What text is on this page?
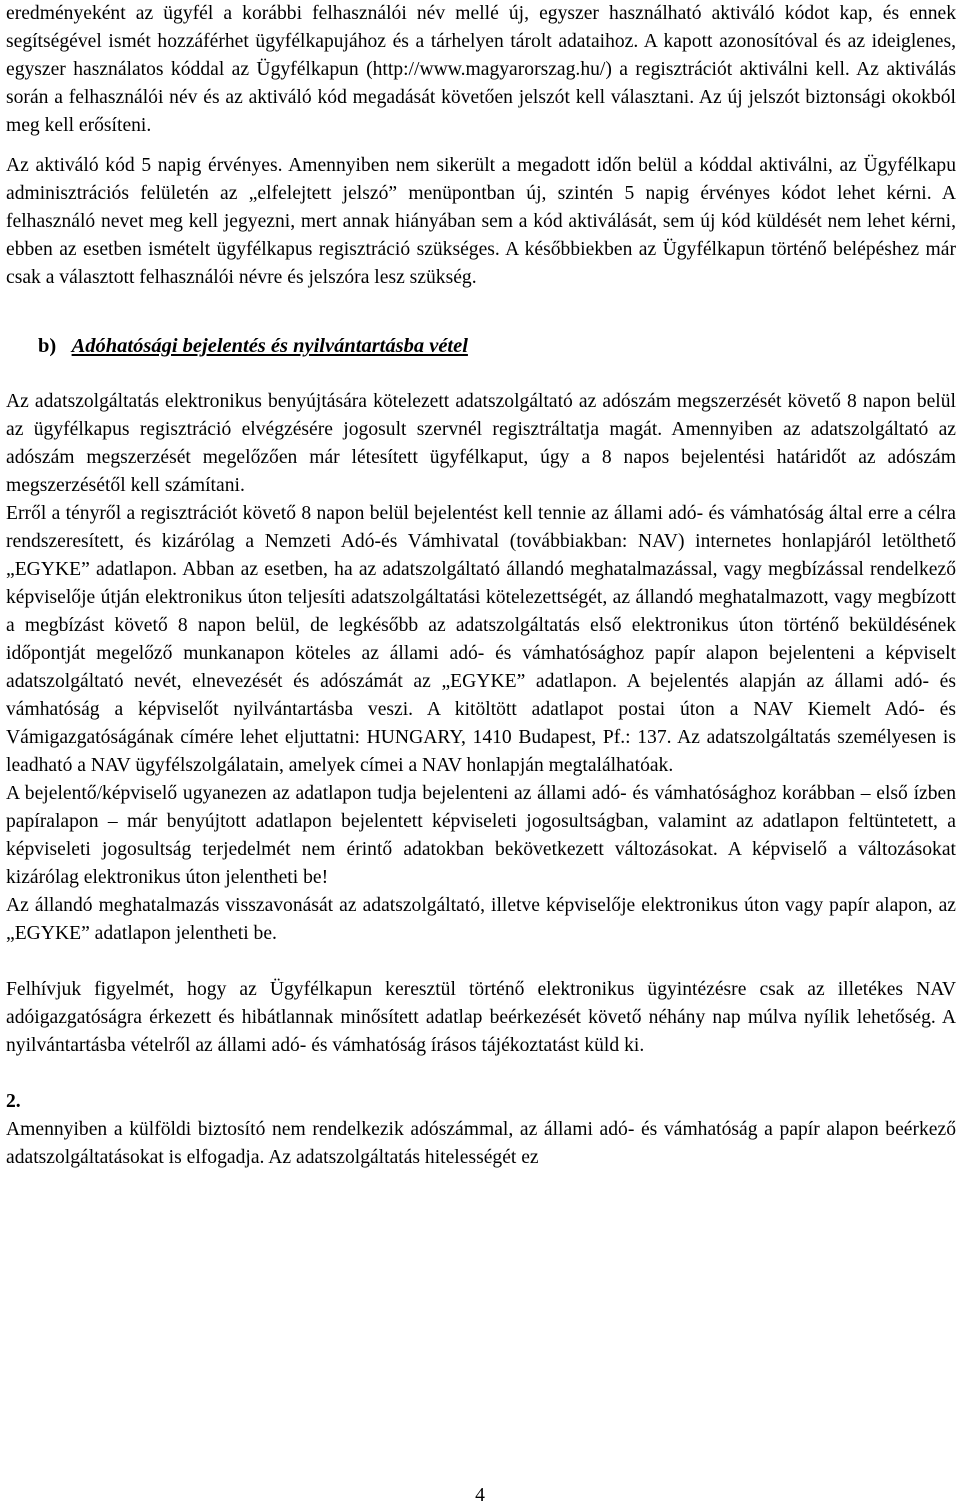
eredményeként az ügyfél a korábbi felhasználói név mellé új, egyszer használható aktiváló kódot kap, és ennek segítségével ismét hozzáférhet ügyfélkapujához és a tárhelyen tárolt adataihoz. A kapott azonosítóval és az ideiglenes, egyszer használatos kóddal az Ügyfélkapun (http://www.magyarorszag.hu/) a regisztrációt aktiválni kell. Az aktiválás során a felhasználói név és az aktiváló kód megadását követően jelszót kell választani. Az új jelszót biztonsági okokból meg kell erősíteni.

Az aktiváló kód 5 napig érvényes. Amennyiben nem sikerült a megadott időn belül a kóddal aktiválni, az Ügyfélkapu adminisztrációs felületén az „elfelejtett jelszó” menüpontban új, szintén 5 napig érvényes kódot lehet kérni. A felhasználó nevet meg kell jegyezni, mert annak hiányában sem a kód aktiválását, sem új kód küldését nem lehet kérni, ebben az esetben ismételt ügyfélkapus regisztráció szükséges. A későbbiekben az Ügyfélkapun történő belépéshez már csak a választott felhasználói névre és jelszóra lesz szükség.

b) Adóhatósági bejelentés és nyilvántartásba vétel

Az adatszolgáltatás elektronikus benyújtására kötelezett adatszolgáltató az adószám megszerzését követő 8 napon belül az ügyfélkapus regisztráció elvégzésére jogosult szervnél regisztráltatja magát. Amennyiben az adatszolgáltató az adószám megszerzését megelőzően már létesített ügyfélkaput, úgy a 8 napos bejelentési határidőt az adószám megszerzésétől kell számítani.

Erről a tényről a regisztrációt követő 8 napon belül bejelentést kell tennie az állami adó- és vámhatóság által erre a célra rendszeresített, és kizárólag a Nemzeti Adó-és Vámhivatal (továbbiakban: NAV) internetes honlapjáról letölthető „EGYKE” adatlapon. Abban az esetben, ha az adatszolgáltató állandó meghatalmazással, vagy megbízással rendelkező képviselője útján elektronikus úton teljesíti adatszolgáltatási kötelezettségét, az állandó meghatalmazott, vagy megbízott a megbízást követő 8 napon belül, de legkésőbb az adatszolgáltatás első elektronikus úton történő beküldésének időpontját megelőző munkanapon köteles az állami adó- és vámhatósághoz papír alapon bejelenteni a képviselt adatszolgáltató nevét, elnevezését és adószámát az „EGYKE” adatlapon. A bejelentés alapján az állami adó- és vámhatóság a képviselőt nyilvántartásba veszi. A kitöltött adatlapot postai úton a NAV Kiemelt Adó- és Vámigazgatóságának címére lehet eljuttatni: HUNGARY, 1410 Budapest, Pf.: 137. Az adatszolgáltatás személyesen is leadható a NAV ügyfélszolgálatain, amelyek címei a NAV honlapján megtalálhatóak.

A bejelentő/képviselő ugyanezen az adatlapon tudja bejelenteni az állami adó- és vámhatósághoz korábban – első ízben papíralapon – már benyújtott adatlapon bejelentett képviseleti jogosultságban, valamint az adatlapon feltüntetett, a képviseleti jogosultság terjedelmét nem érintő adatokban bekövetkezett változásokat. A képviselő a változásokat kizárólag elektronikus úton jelentheti be!

Az állandó meghatalmazás visszavonását az adatszolgáltató, illetve képviselője elektronikus úton vagy papír alapon, az „EGYKE” adatlapon jelentheti be.

Felhívjuk figyelmét, hogy az Ügyfélkapun keresztül történő elektronikus ügyintézésre csak az illetékes NAV adóigazgatóságra érkezett és hibátlannak minősített adatlap beérkezését követő néhány nap múlva nyílik lehetőség. A nyilvántartásba vételről az állami adó- és vámhatóság írásos tájékoztatást küld ki.

2.

Amennyiben a külföldi biztosító nem rendelkezik adószámmal, az állami adó- és vámhatóság a papír alapon beérkező adatszolgáltatásokat is elfogadja. Az adatszolgáltatás hitelességét ez

4
